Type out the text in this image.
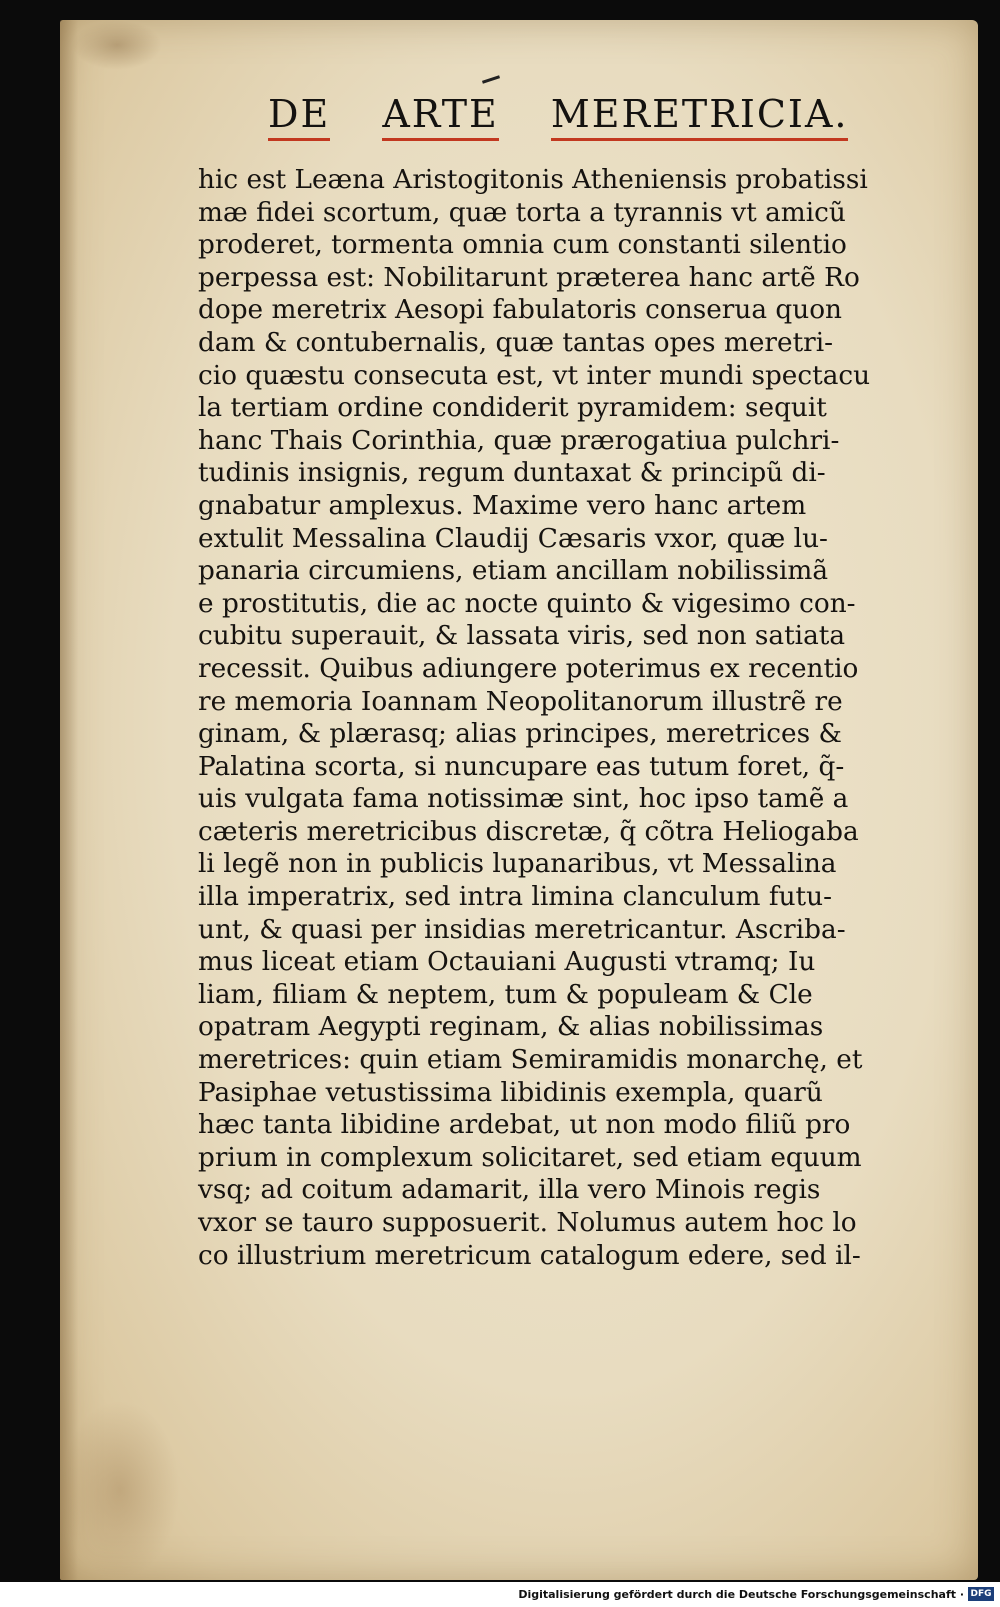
DE ARTE MERETRICIA.
hic est Leæna Aristogitonis Atheniensis probatissi
mæ fidei scortum, quæ torta a tyrannis vt amicũ
proderet, tormenta omnia cum constanti silentio
perpessa est: Nobilitarunt præterea hanc artẽ Ro
dope meretrix Aesopi fabulatoris conserua quon
dam & contubernalis, quæ tantas opes meretri-
cio quæstu consecuta est, vt inter mundi spectacu
la tertiam ordine condiderit pyramidem: sequit
hanc Thais Corinthia, quæ prærogatiua pulchri-
tudinis insignis, regum duntaxat & principũ di-
gnabatur amplexus. Maxime vero hanc artem
extulit Messalina Claudij Cæsaris vxor, quæ lu-
panaria circumiens, etiam ancillam nobilissimã
e prostitutis, die ac nocte quinto & vigesimo con-
cubitu superauit, & lassata viris, sed non satiata
recessit. Quibus adiungere poterimus ex recentio
re memoria Ioannam Neopolitanorum illustrẽ re
ginam, & plærasq; alias principes, meretrices &
Palatina scorta, si nuncupare eas tutum foret, q̃-
uis vulgata fama notissimæ sint, hoc ipso tamẽ a
cæteris meretricibus discretæ, q̃ cõtra Heliogaba
li legẽ non in publicis lupanaribus, vt Messalina
illa imperatrix, sed intra limina clanculum futu-
unt, & quasi per insidias meretricantur. Ascriba-
mus liceat etiam Octauiani Augusti vtramq; Iu
liam, filiam & neptem, tum & populeam & Cle
opatram Aegypti reginam, & alias nobilissimas
meretrices: quin etiam Semiramidis monarchę, et
Pasiphae vetustissima libidinis exempla, quarũ
hæc tanta libidine ardebat, ut non modo filiũ pro
prium in complexum solicitaret, sed etiam equum
vsq; ad coitum adamarit, illa vero Minois regis
vxor se tauro supposuerit. Nolumus autem hoc lo
co illustrium meretricum catalogum edere, sed il-
Digitalisierung gefördert durch die Deutsche Forschungsgemeinschaft · DFG
